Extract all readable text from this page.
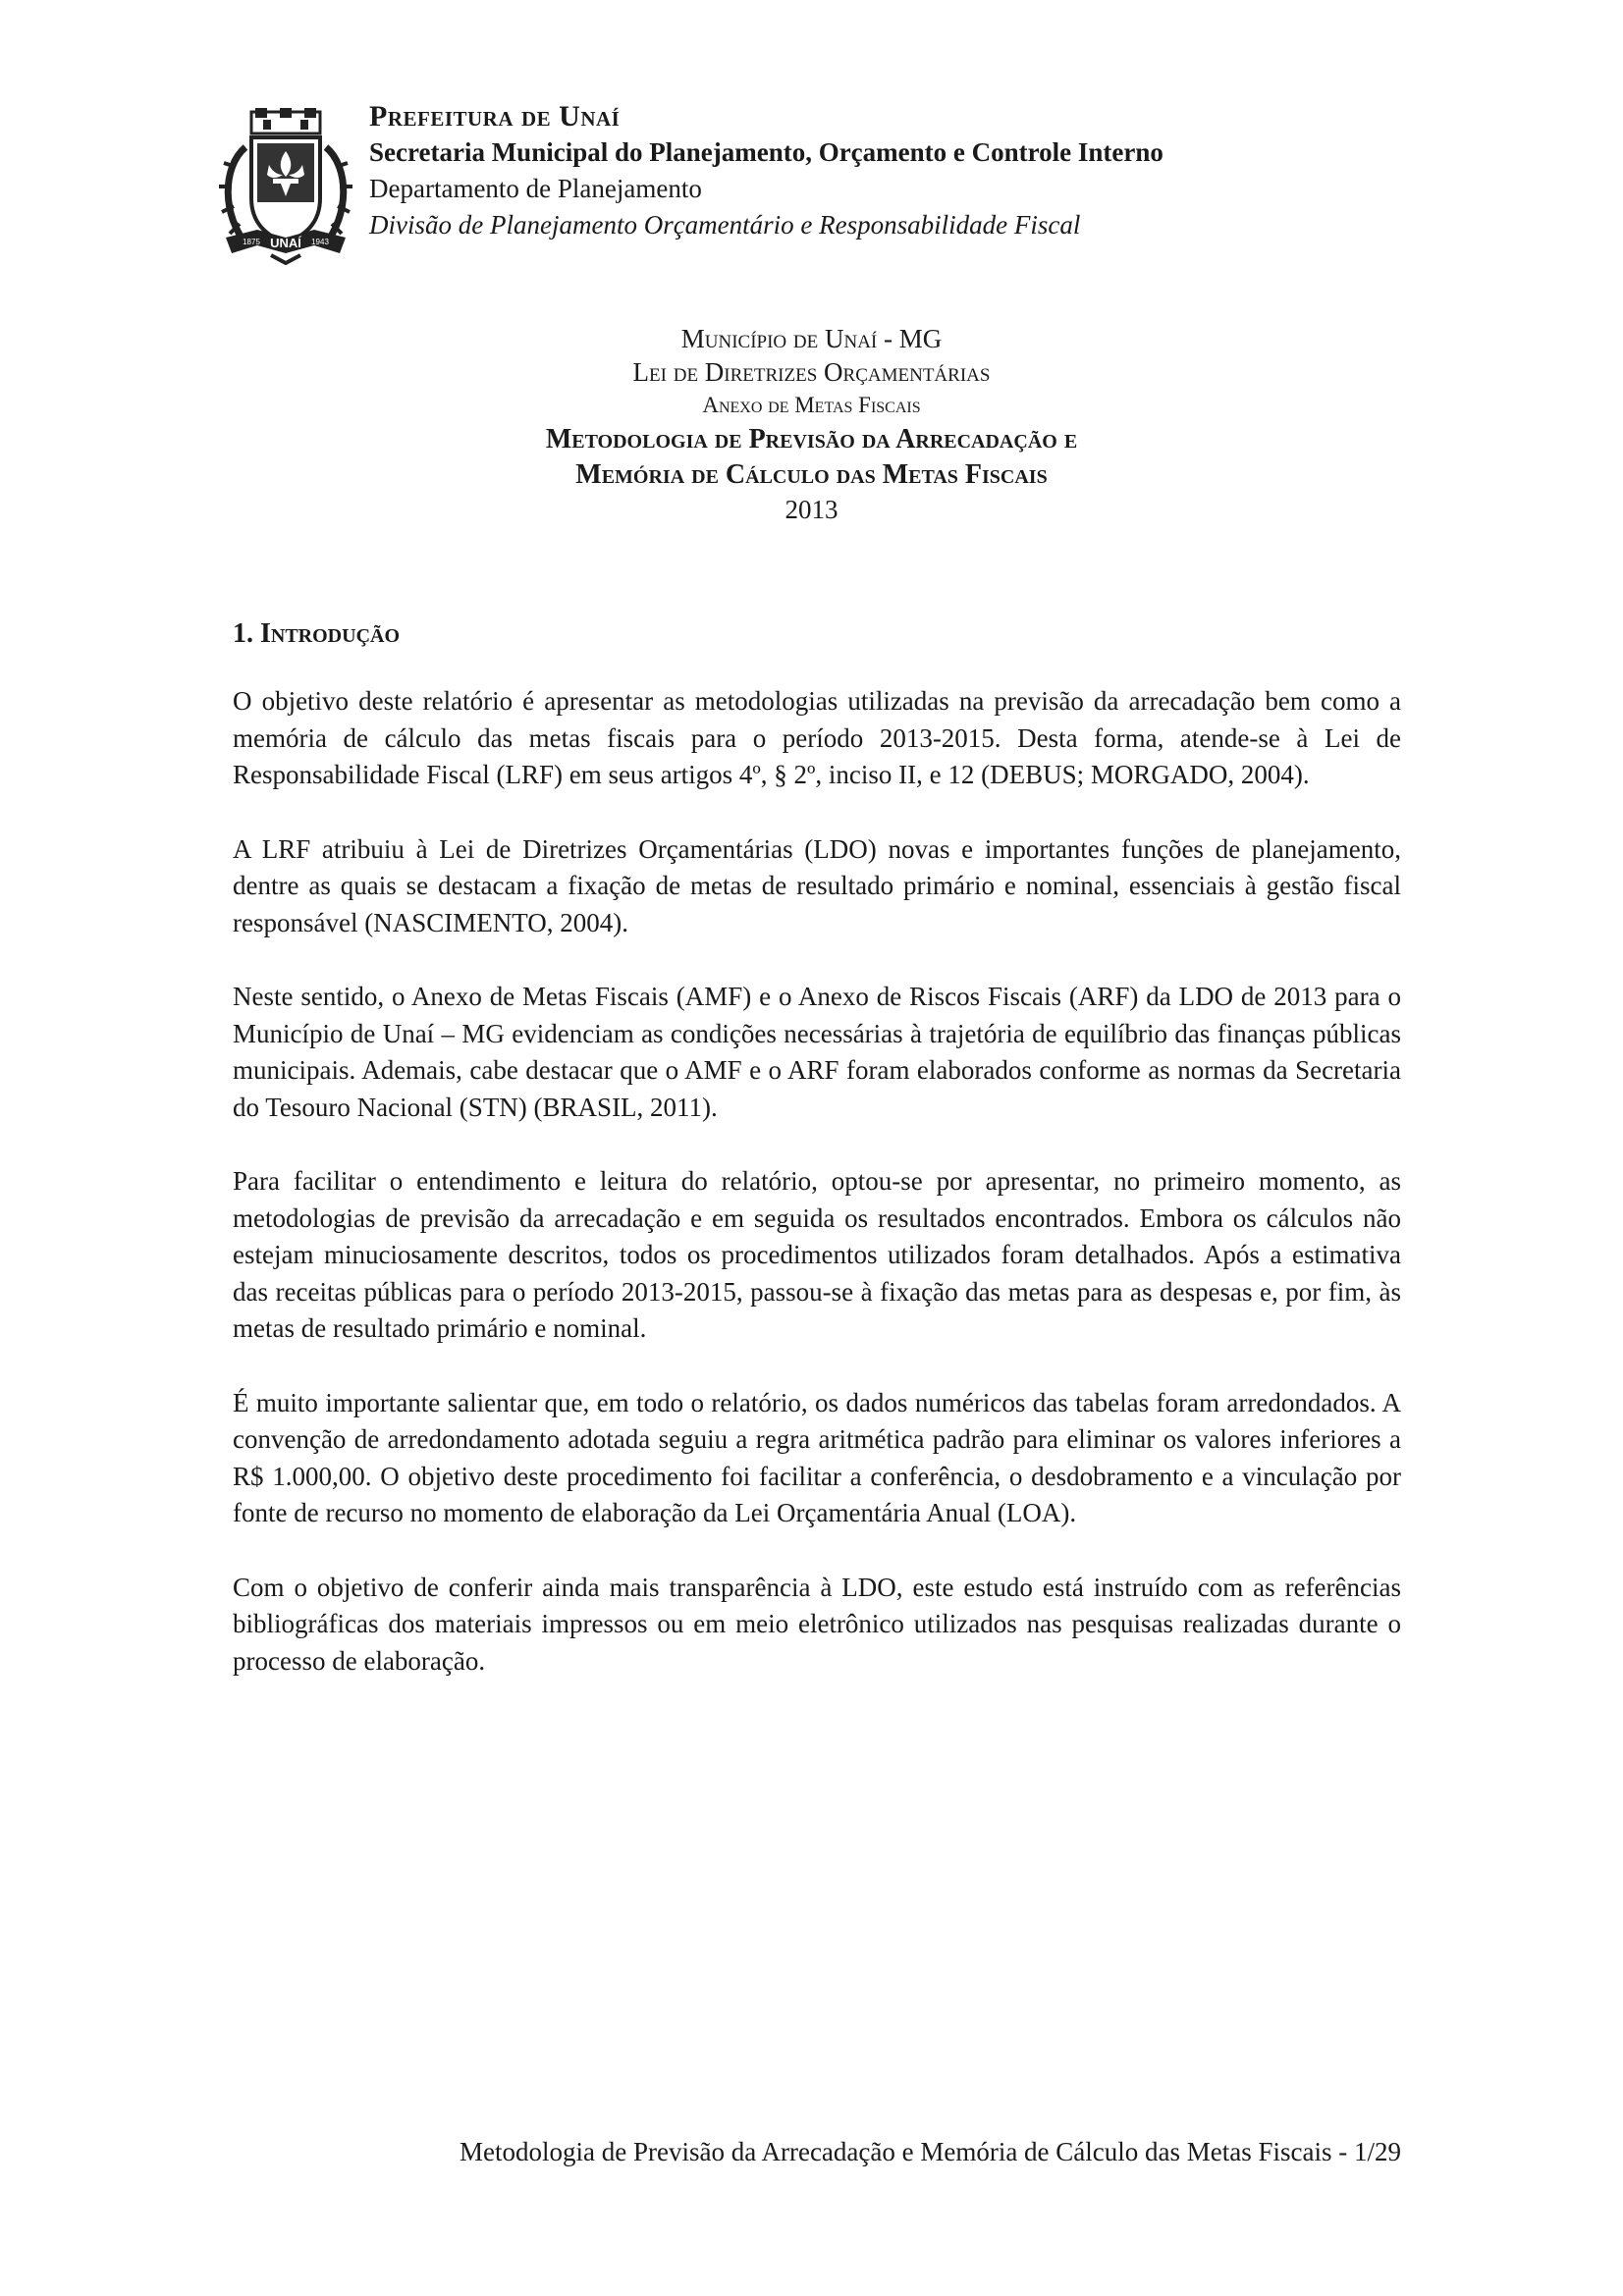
UNAÍ
1875	1943
Prefeitura de Unaí
Secretaria Municipal do Planejamento, Orçamento e Controle Interno
Departamento de Planejamento
Divisão de Planejamento Orçamentário e Responsabilidade Fiscal
Município de Unaí - MG
Lei de Diretrizes Orçamentárias
Anexo de Metas Fiscais
Metodologia de Previsão da Arrecadação e
Memória de Cálculo das Metas Fiscais
2013
1. Introdução

O objetivo deste relatório é apresentar as metodologias utilizadas na previsão da arrecadação bem como a memória de cálculo das metas fiscais para o período 2013-2015. Desta forma, atende-se à Lei de Responsabilidade Fiscal (LRF) em seus artigos 4º, § 2º, inciso II, e 12 (DEBUS; MORGADO, 2004).

A LRF atribuiu à Lei de Diretrizes Orçamentárias (LDO) novas e importantes funções de planejamento, dentre as quais se destacam a fixação de metas de resultado primário e nominal, essenciais à gestão fiscal responsável (NASCIMENTO, 2004).

Neste sentido, o Anexo de Metas Fiscais (AMF) e o Anexo de Riscos Fiscais (ARF) da LDO de 2013 para o Município de Unaí – MG evidenciam as condições necessárias à trajetória de equilíbrio das finanças públicas municipais. Ademais, cabe destacar que o AMF e o ARF foram elaborados conforme as normas da Secretaria do Tesouro Nacional (STN) (BRASIL, 2011).

Para facilitar o entendimento e leitura do relatório, optou-se por apresentar, no primeiro momento, as metodologias de previsão da arrecadação e em seguida os resultados encontrados. Embora os cálculos não estejam minuciosamente descritos, todos os procedimentos utilizados foram detalhados. Após a estimativa das receitas públicas para o período 2013-2015, passou-se à fixação das metas para as despesas e, por fim, às metas de resultado primário e nominal.

É muito importante salientar que, em todo o relatório, os dados numéricos das tabelas foram arredondados. A convenção de arredondamento adotada seguiu a regra aritmética padrão para eliminar os valores inferiores a R$ 1.000,00. O objetivo deste procedimento foi facilitar a conferência, o desdobramento e a vinculação por fonte de recurso no momento de elaboração da Lei Orçamentária Anual (LOA).

Com o objetivo de conferir ainda mais transparência à LDO, este estudo está instruído com as referências bibliográficas dos materiais impressos ou em meio eletrônico utilizados nas pesquisas realizadas durante o processo de elaboração.

Metodologia de Previsão da Arrecadação e Memória de Cálculo das Metas Fiscais - 1/29
